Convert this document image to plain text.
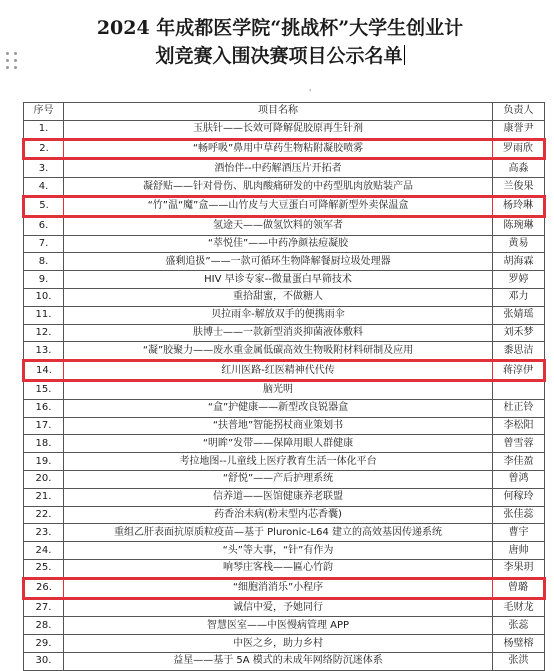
2024 年成都医学院“挑战杯”大学生创业计
划竞赛入围决赛项目公示名单
'
序号	项目名称	负责人
1.	玉肤针——长效可降解促胶原再生针剂	康誉尹
2.	“畅呼吸”鼻用中草药生物粘附凝胶喷雾	罗雨欣
3.	酒怡伴--中药解酒压片开拓者	高淼
4.	凝舒贴——针对骨伤、肌肉酸痛研发的中药型肌肉放贴装产品	兰俊果
5.	“竹”温“魔”盒——山竹皮与大豆蛋白可降解新型外卖保温盒	杨玲琳
6.	氢途天——做氢饮料的领军者	陈琬琳
7.	“萃悦佳”——中药净颜祛痘凝胶	黄易
8.	盛剩追扱”——一款可循环生物降解餐厨垃圾处理器	胡海霖
9.	HIV 早诊专家--微量蛋白早筛技术	罗婷
10.	重拾甜蜜，不做糖人	邓力
11.	贝拉雨伞-解放双手的便携雨伞	张婧瑶
12.	肤博士——一款新型消炎抑菌液体敷料	刘禾梦
13.	“凝”胶聚力——废水重金属低碳高效生物吸附材料研制及应用	黍思洁
14.	红川医路-红医精神代代传	蒋淳伊
15.	脑光明	
16.	“盒”护健康——新型改良锐器盒	杜正铃
17.	“扶普地”智能拐杖商业策划书	李松阳
18.	“明眸”发带——保障用眼人群健康	曾雪蓉
19.	考拉地图--儿童线上医疗教育生活一体化平台	李佳盈
20.	“舒悦”——产后护理系统	曾鸿
21.	信养道——医馆健康养老联盟	何稼玲
22.	药香治未病(粉末型内芯香囊)	张佳蕊
23.	重组乙肝表面抗原质粒疫苗—基于 Pluronic-L64 建立的高效基因传递系统	曹宇
24.	“头”等大事，“针”有作为	唐帅
25.	响琴庄客栈——匾心竹韵	李果玥
26.	“细胞消消乐”小程序	曾璐
27.	诚信中爱，予她同行	毛财龙
28.	智慧医室——中医慢病管理 APP	张蕊
29.	中医之乡，助力乡村	杨璧榕
30.	益星——基于 5A 模式的未成年网络防沉迷体系	张洪
